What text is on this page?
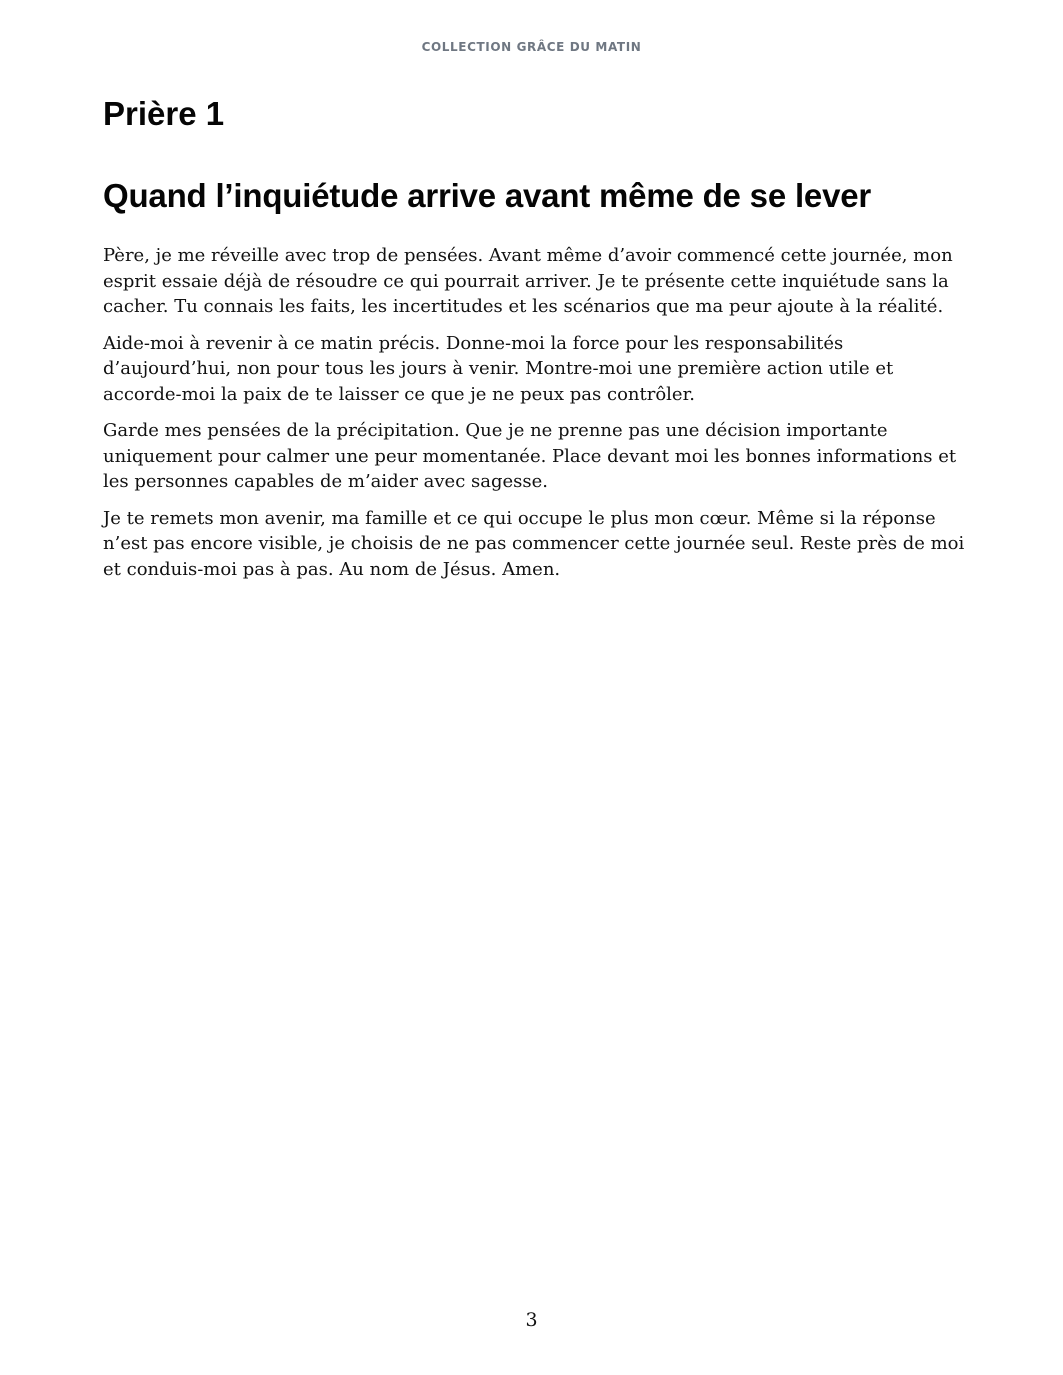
COLLECTION GRÂCE DU MATIN
Prière 1
Quand l’inquiétude arrive avant même de se lever

Père, je me réveille avec trop de pensées. Avant même d’avoir commencé cette journée, mon esprit essaie déjà de résoudre ce qui pourrait arriver. Je te présente cette inquiétude sans la cacher. Tu connais les faits, les incertitudes et les scénarios que ma peur ajoute à la réalité.

Aide-moi à revenir à ce matin précis. Donne-moi la force pour les responsabilités d’aujourd’hui, non pour tous les jours à venir. Montre-moi une première action utile et accorde-moi la paix de te laisser ce que je ne peux pas contrôler.

Garde mes pensées de la précipitation. Que je ne prenne pas une décision importante uniquement pour calmer une peur momentanée. Place devant moi les bonnes informations et les personnes capables de m’aider avec sagesse.

Je te remets mon avenir, ma famille et ce qui occupe le plus mon cœur. Même si la réponse n’est pas encore visible, je choisis de ne pas commencer cette journée seul. Reste près de moi et conduis-moi pas à pas. Au nom de Jésus. Amen.

3
